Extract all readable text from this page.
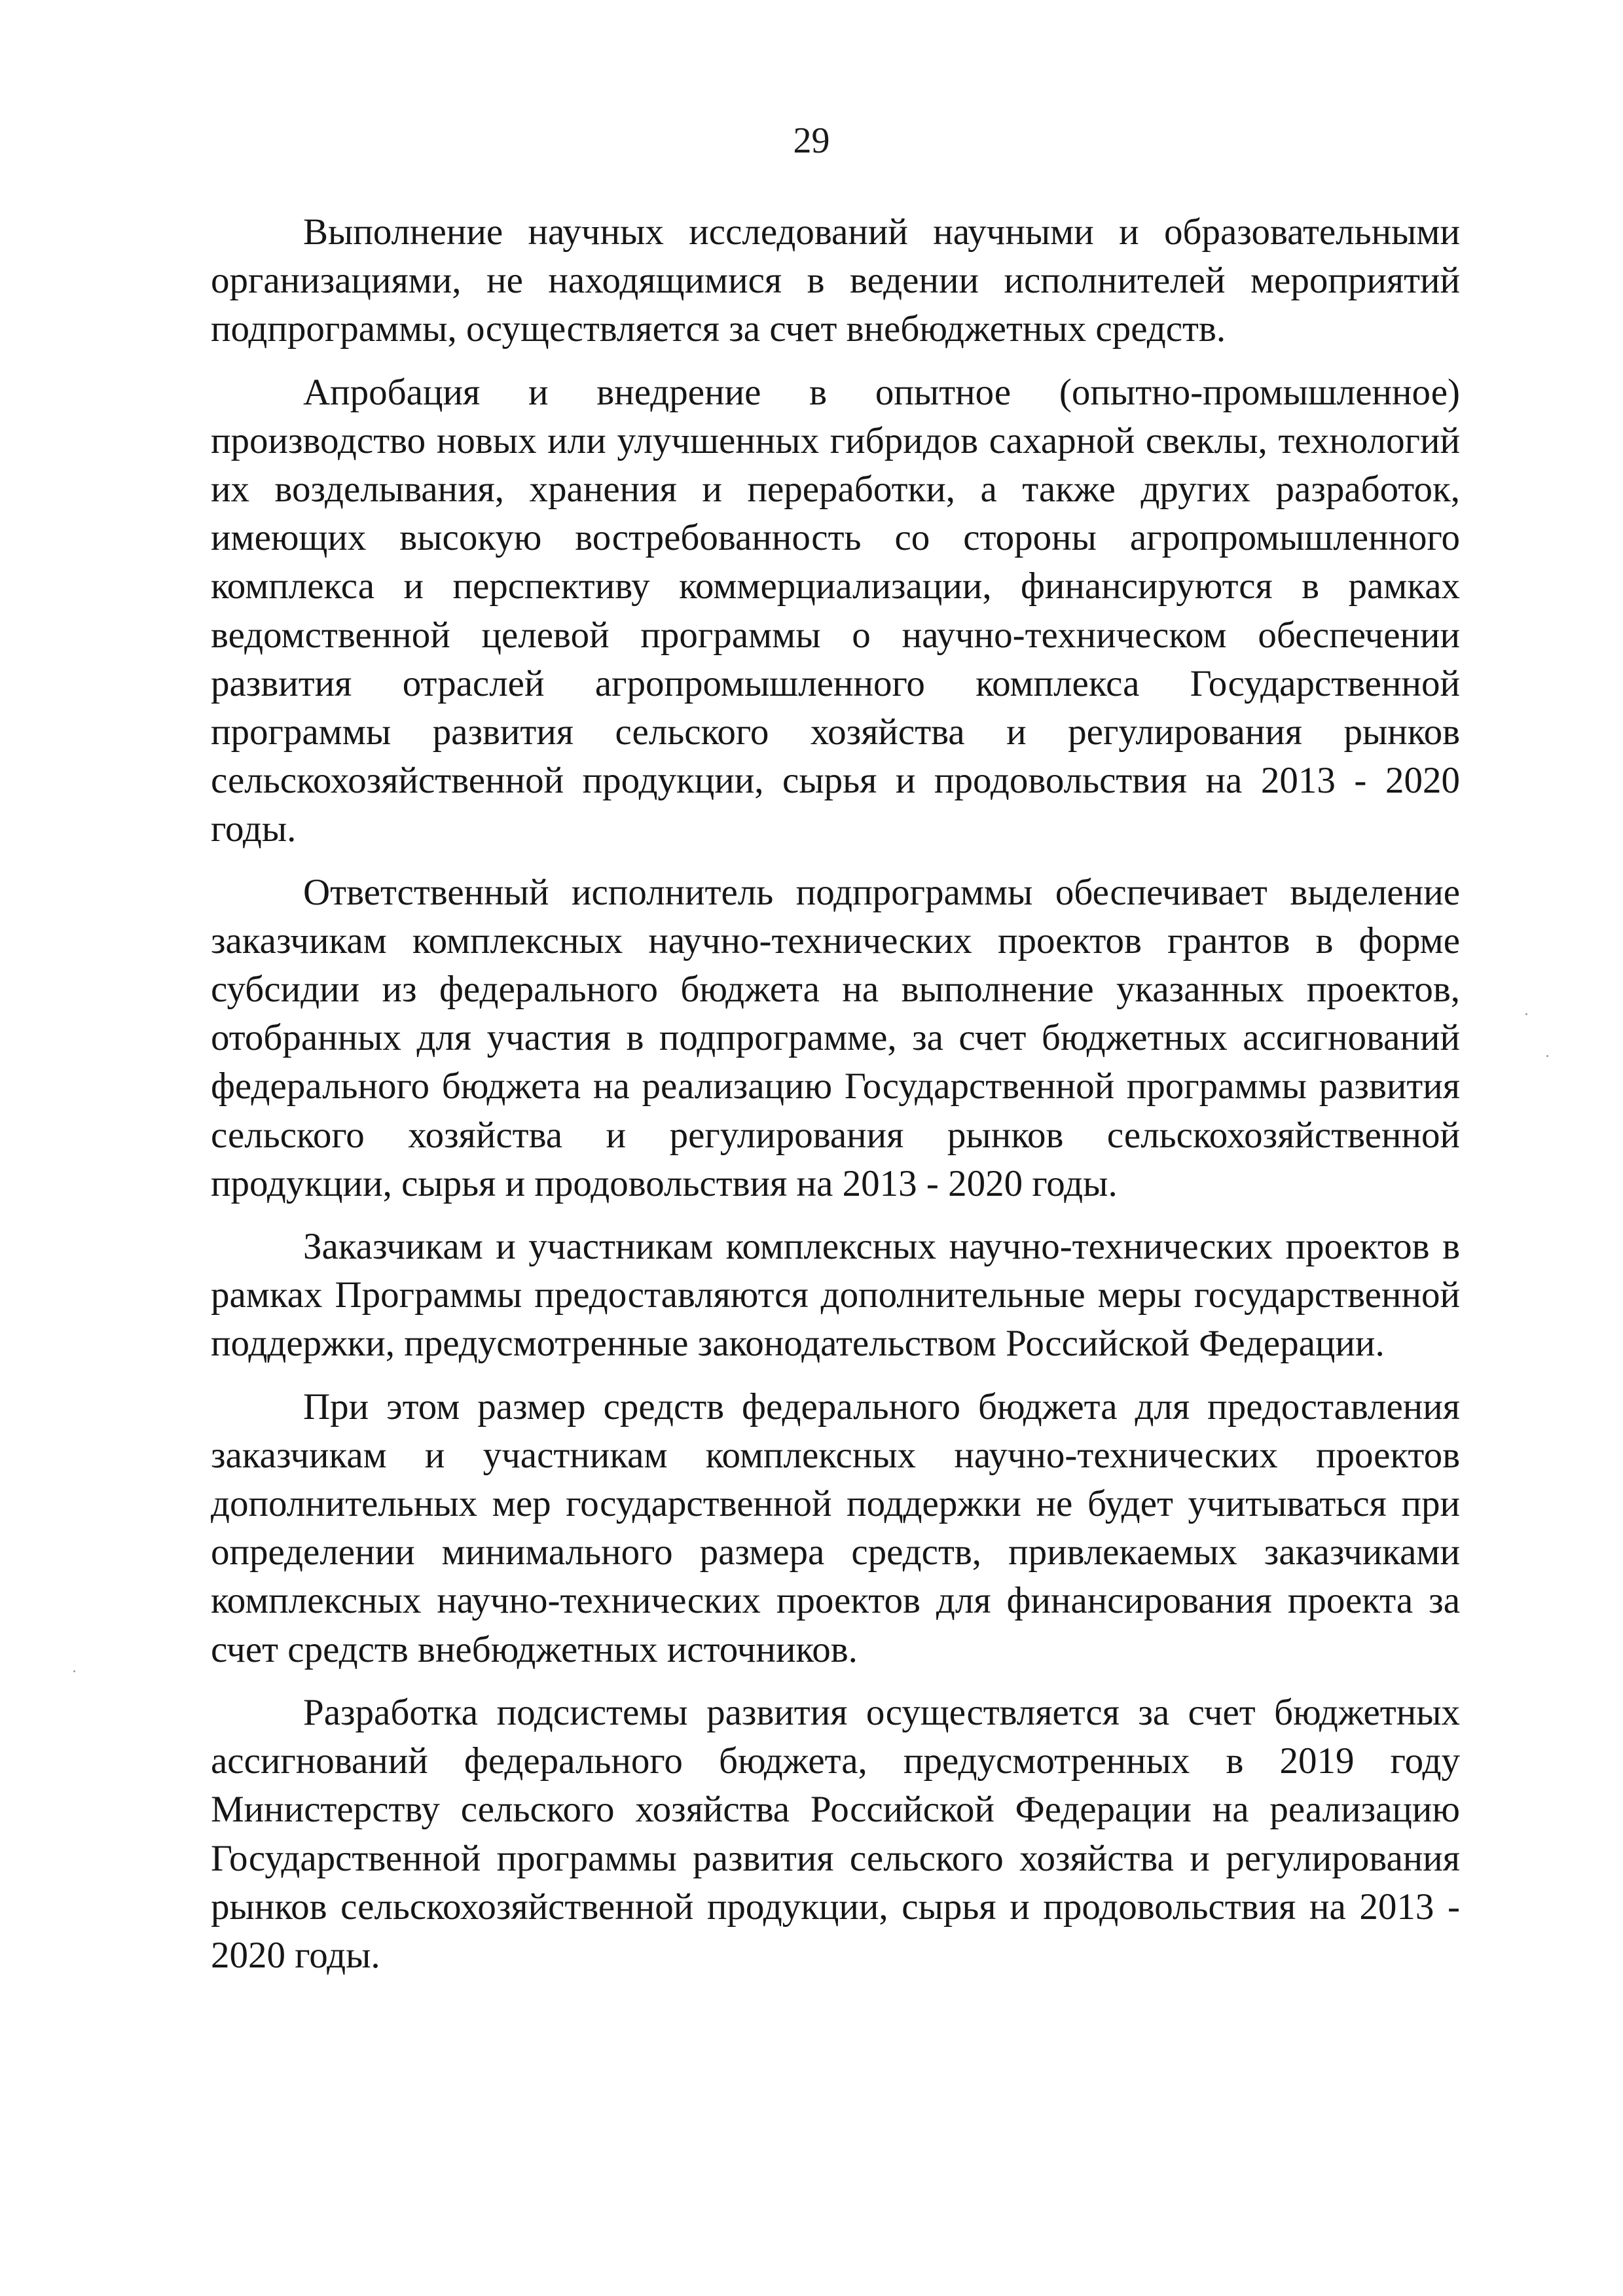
29

Выполнение научных исследований научными и образовательными организациями, не находящимися в ведении исполнителей мероприятий подпрограммы, осуществляется за счет внебюджетных средств.

Апробация и внедрение в опытное (опытно-промышленное) производство новых или улучшенных гибридов сахарной свеклы, технологий их возделывания, хранения и переработки, а также других разработок, имеющих высокую востребованность со стороны агропромышленного комплекса и перспективу коммерциализации, финансируются в рамках ведомственной целевой программы о научно-техническом обеспечении развития отраслей агропромышленного комплекса Государственной программы развития сельского хозяйства и регулирования рынков сельскохозяйственной продукции, сырья и продовольствия на 2013 - 2020 годы.

Ответственный исполнитель подпрограммы обеспечивает выделение заказчикам комплексных научно-технических проектов грантов в форме субсидии из федерального бюджета на выполнение указанных проектов, отобранных для участия в подпрограмме, за счет бюджетных ассигнований федерального бюджета на реализацию Государственной программы развития сельского хозяйства и регулирования рынков сельскохозяйственной продукции, сырья и продовольствия на 2013 - 2020 годы.

Заказчикам и участникам комплексных научно-технических проектов в рамках Программы предоставляются дополнительные меры государственной поддержки, предусмотренные законодательством Российской Федерации.

При этом размер средств федерального бюджета для предоставления заказчикам и участникам комплексных научно-технических проектов дополнительных мер государственной поддержки не будет учитываться при определении минимального размера средств, привлекаемых заказчиками комплексных научно-технических проектов для финансирования проекта за счет средств внебюджетных источников.

Разработка подсистемы развития осуществляется за счет бюджетных ассигнований федерального бюджета, предусмотренных в 2019 году Министерству сельского хозяйства Российской Федерации на реализацию Государственной программы развития сельского хозяйства и регулирования рынков сельскохозяйственной продукции, сырья и продовольствия на 2013 - 2020 годы.
